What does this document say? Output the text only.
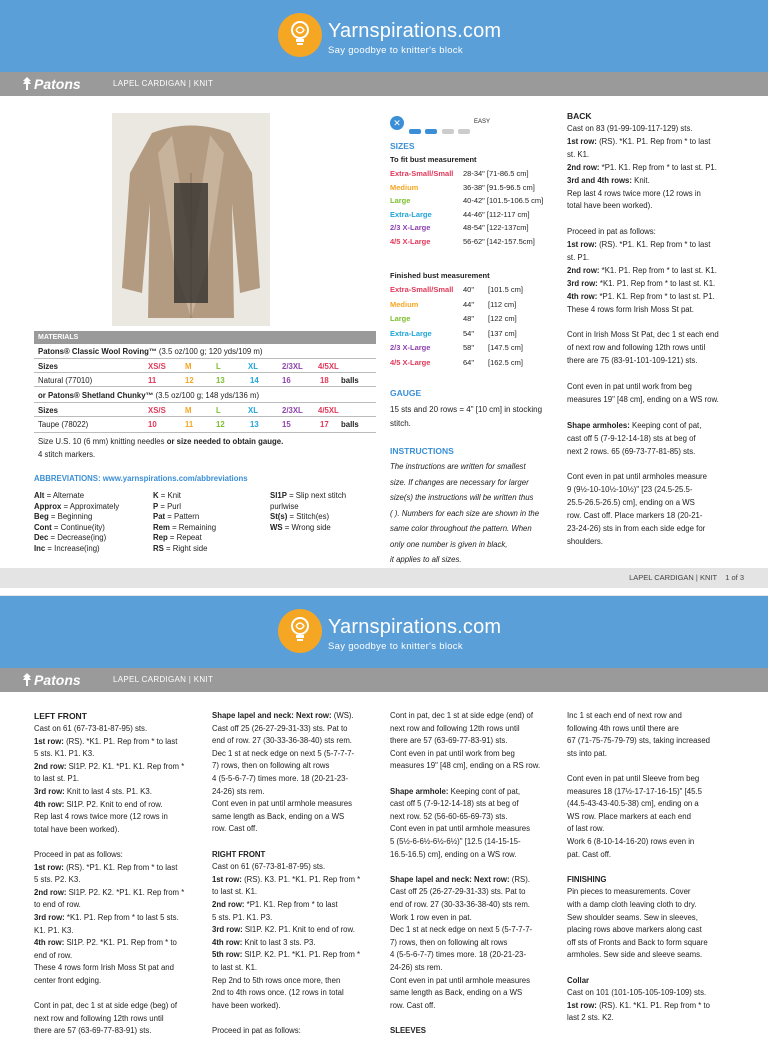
Yarnspirations.com
Say goodbye to knitter's block
Patons	LAPEL CARDIGAN | KNIT
✕
	EASY
SIZES
To fit bust measurement
Extra-Small/Small 28-34" [71-86.5 cm]
Medium	36-38" [91.5-96.5 cm]
Large	40-42" [101.5-106.5 cm]
Extra-Large	44-46" [112-117 cm]
2/3 X-Large	48-54" [122-137cm]
4/5 X-Large	56-62" [142-157.5cm]
Finished bust measurement
Extra-Small/Small 40" [101.5 cm]
Medium	44" [112 cm]
Large	48" [122 cm]
Extra-Large	54" [137 cm]
2/3 X-Large	58" [147.5 cm]
4/5 X-Large	64" [162.5 cm]
GAUGE
15 sts and 20 rows = 4" [10 cm] in stocking
stitch.
INSTRUCTIONS
The instructions are written for smallest
size. If changes are necessary for larger
size(s) the instructions will be written thus
( ). Numbers for each size are shown in the
same color throughout the pattern. When
only one number is given in black,
it applies to all sizes.
MATERIALS
Patons® Classic Wool Roving™ (3.5 oz/100 g; 120 yds/109 m)
Sizes	XS/S M	L	XL	2/3XL 4/5XL
Natural (77010)	11	12	13	14	16	18 balls
or Patons® Shetland Chunky™ (3.5 oz/100 g; 148 yds/136 m)
Sizes	XS/S M	L	XL	2/3XL 4/5XL
Taupe (78022)	10	11	12	13	15	17 balls
Size U.S. 10 (6 mm) knitting needles or size needed to obtain gauge.
4 stitch markers.
ABBREVIATIONS: www.yarnspirations.com/abbreviations
Alt = Alternate
Approx = Approximately
Beg = Beginning
Cont = Continue(ity)
Dec = Decrease(ing)
Inc = Increase(ing)
K = Knit
P = Purl
Pat = Pattern
Rem = Remaining
Rep = Repeat
RS = Right side
Sl1P = Slip next stitch
purlwise
St(s) = Stitch(es)
WS = Wrong side
BACK
Cast on 83 (91-99-109-117-129) sts.
1st row: (RS). *K1. P1. Rep from * to last
st. K1.
2nd row: *P1. K1. Rep from * to last st. P1.
3rd and 4th rows: Knit.
Rep last 4 rows twice more (12 rows in
total have been worked).
Proceed in pat as follows:
1st row: (RS). *P1. K1. Rep from * to last
st. P1.
2nd row: *K1. P1. Rep from * to last st. K1.
3rd row: *K1. P1. Rep from * to last st. K1.
4th row: *P1. K1. Rep from * to last st. P1.
These 4 rows form Irish Moss St pat.
Cont in Irish Moss St Pat, dec 1 st each end
of next row and following 12th rows until
there are 75 (83-91-101-109-121) sts.
Cont even in pat until work from beg
measures 19" [48 cm], ending on a WS row.
Shape armholes: Keeping cont of pat,
cast off 5 (7-9-12-14-18) sts at beg of
next 2 rows. 65 (69-73-77-81-85) sts.
Cont even in pat until armholes measure
9 (9½-10-10½-10½)" [23 (24.5-25.5-
25.5-26.5-26.5) cm], ending on a WS
row. Cast off. Place markers 18 (20-21-
23-24-26) sts in from each side edge for
shoulders.
LAPEL CARDIGAN | KNIT    1 of 3
Yarnspirations.com
Say goodbye to knitter's block
Patons	LAPEL CARDIGAN | KNIT
LEFT FRONT
Cast on 61 (67-73-81-87-95) sts.
1st row: (RS). *K1. P1. Rep from * to last
5 sts. K1. P1. K3.
2nd row: Sl1P. P2. K1. *P1. K1. Rep from *
to last st. P1.
3rd row: Knit to last 4 sts. P1. K3.
4th row: Sl1P. P2. Knit to end of row.
Rep last 4 rows twice more (12 rows in
total have been worked).
Proceed in pat as follows:
1st row: (RS). *P1. K1. Rep from * to last
5 sts. P2. K3.
2nd row: Sl1P. P2. K2. *P1. K1. Rep from *
to end of row.
3rd row: *K1. P1. Rep from * to last 5 sts.
K1. P1. K3.
4th row: Sl1P. P2. *K1. P1. Rep from * to
end of row.
These 4 rows form Irish Moss St pat and
center front edging.
Cont in pat, dec 1 st at side edge (beg) of
next row and following 12th rows until
there are 57 (63-69-77-83-91) sts.
Shape lapel and neck: Next row: (WS).
Cast off 25 (26-27-29-31-33) sts. Pat to
end of row. 27 (30-33-36-38-40) sts rem.
Dec 1 st at neck edge on next 5 (5-7-7-7-
7) rows, then on following alt rows
4 (5-5-6-7-7) times more. 18 (20-21-23-
24-26) sts rem.
Cont even in pat until armhole measures
same length as Back, ending on a WS
row. Cast off.
RIGHT FRONT
Cast on 61 (67-73-81-87-95) sts.
1st row: (RS). K3. P1. *K1. P1. Rep from *
to last st. K1.
2nd row: *P1. K1. Rep from * to last
5 sts. P1. K1. P3.
3rd row: Sl1P. K2. P1. Knit to end of row.
4th row: Knit to last 3 sts. P3.
5th row: Sl1P. K2. P1. *K1. P1. Rep from *
to last st. K1.
Rep 2nd to 5th rows once more, then
2nd to 4th rows once. (12 rows in total
have been worked).
Proceed in pat as follows:
Cont in pat, dec 1 st at side edge (end) of
next row and following 12th rows until
there are 57 (63-69-77-83-91) sts.
Cont even in pat until work from beg
measures 19" [48 cm], ending on a RS row.
Shape armhole: Keeping cont of pat,
cast off 5 (7-9-12-14-18) sts at beg of
next row. 52 (56-60-65-69-73) sts.
Cont even in pat until armhole measures
5 (5½-6-6½-6½-6½)" [12.5 (14-15-15-
16.5-16.5) cm], ending on a WS row.
Shape lapel and neck: Next row: (RS).
Cast off 25 (26-27-29-31-33) sts. Pat to
end of row. 27 (30-33-36-38-40) sts rem.
Work 1 row even in pat.
Dec 1 st at neck edge on next 5 (5-7-7-7-
7) rows, then on following alt rows
4 (5-5-6-7-7) times more. 18 (20-21-23-
24-26) sts rem.
Cont even in pat until armhole measures
same length as Back, ending on a WS
row. Cast off.
SLEEVES
Inc 1 st each end of next row and
following 4th rows until there are
67 (71-75-75-79-79) sts, taking increased
sts into pat.
Cont even in pat until Sleeve from beg
measures 18 (17½-17-17-16-15)" [45.5
(44.5-43-43-40.5-38) cm], ending on a
WS row. Place markers at each end
of last row.
Work 6 (8-10-14-16-20) rows even in
pat. Cast off.
FINISHING
Pin pieces to measurements. Cover
with a damp cloth leaving cloth to dry.
Sew shoulder seams. Sew in sleeves,
placing rows above markers along cast
off sts of Fronts and Back to form square
armholes. Sew side and sleeve seams.
Collar
Cast on 101 (101-105-105-109-109) sts.
1st row: (RS). K1. *K1. P1. Rep from * to
last 2 sts. K2.
